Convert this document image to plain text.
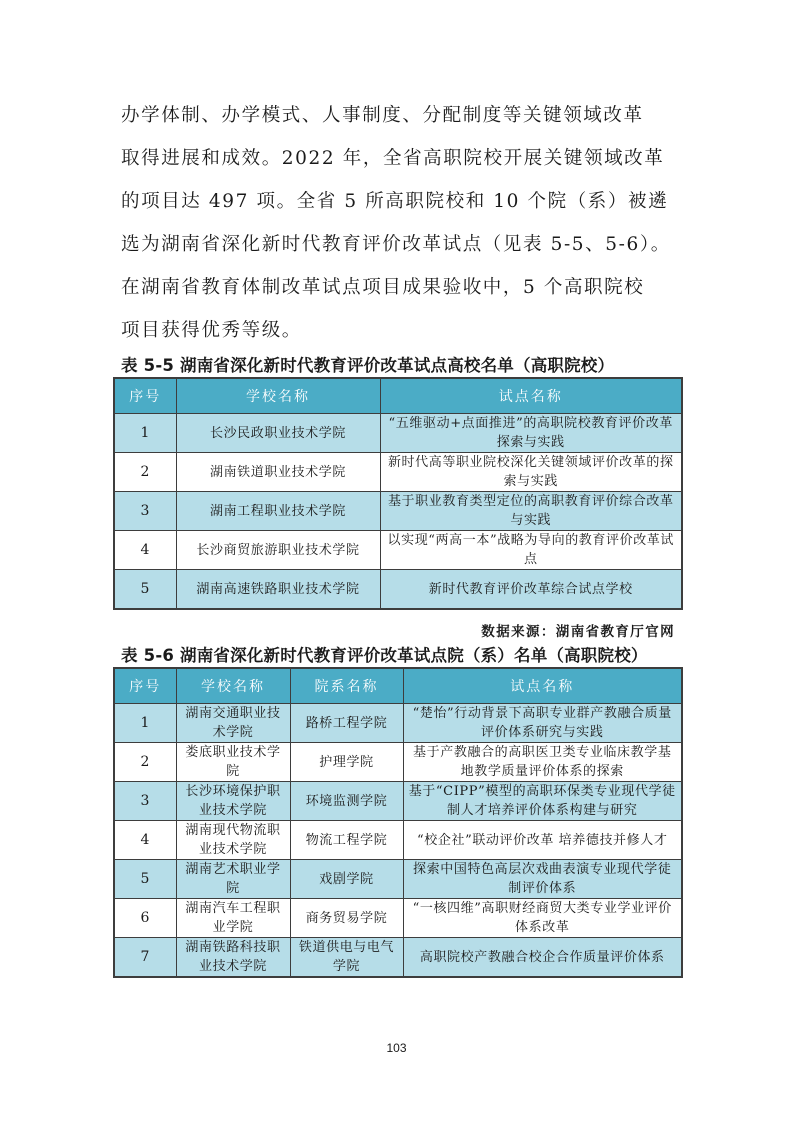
办学体制、办学模式、人事制度、分配制度等关键领域改革
取得进展和成效。2022 年，全省高职院校开展关键领域改革
的项目达 497 项。全省 5 所高职院校和 10 个院（系）被遴
选为湖南省深化新时代教育评价改革试点（见表 5-5、5-6）。
在湖南省教育体制改革试点项目成果验收中，5 个高职院校
项目获得优秀等级。
表 5-5 湖南省深化新时代教育评价改革试点高校名单（高职院校）
序号	学校名称	试点名称
1	长沙民政职业技术学院	“五维驱动+点面推进”的高职院校教育评价改革探索与实践
2	湖南铁道职业技术学院	新时代高等职业院校深化关键领域评价改革的探索与实践
3	湖南工程职业技术学院	基于职业教育类型定位的高职教育评价综合改革与实践
4	长沙商贸旅游职业技术学院	以实现“两高一本”战略为导向的教育评价改革试点
5	湖南高速铁路职业技术学院	新时代教育评价改革综合试点学校
数据来源：湖南省教育厅官网
表 5-6 湖南省深化新时代教育评价改革试点院（系）名单（高职院校）
序号	学校名称	院系名称	试点名称
1	湖南交通职业技术学院	路桥工程学院	“楚怡”行动背景下高职专业群产教融合质量评价体系研究与实践
2	娄底职业技术学院	护理学院	基于产教融合的高职医卫类专业临床教学基地教学质量评价体系的探索
3	长沙环境保护职业技术学院	环境监测学院	基于“CIPP”模型的高职环保类专业现代学徒制人才培养评价体系构建与研究
4	湖南现代物流职业技术学院	物流工程学院	“校企社”联动评价改革 培养德技并修人才
5	湖南艺术职业学院	戏剧学院	探索中国特色高层次戏曲表演专业现代学徒制评价体系
6	湖南汽车工程职业学院	商务贸易学院	“一核四维”高职财经商贸大类专业学业评价体系改革
7	湖南铁路科技职业技术学院	铁道供电与电气学院	高职院校产教融合校企合作质量评价体系
103
